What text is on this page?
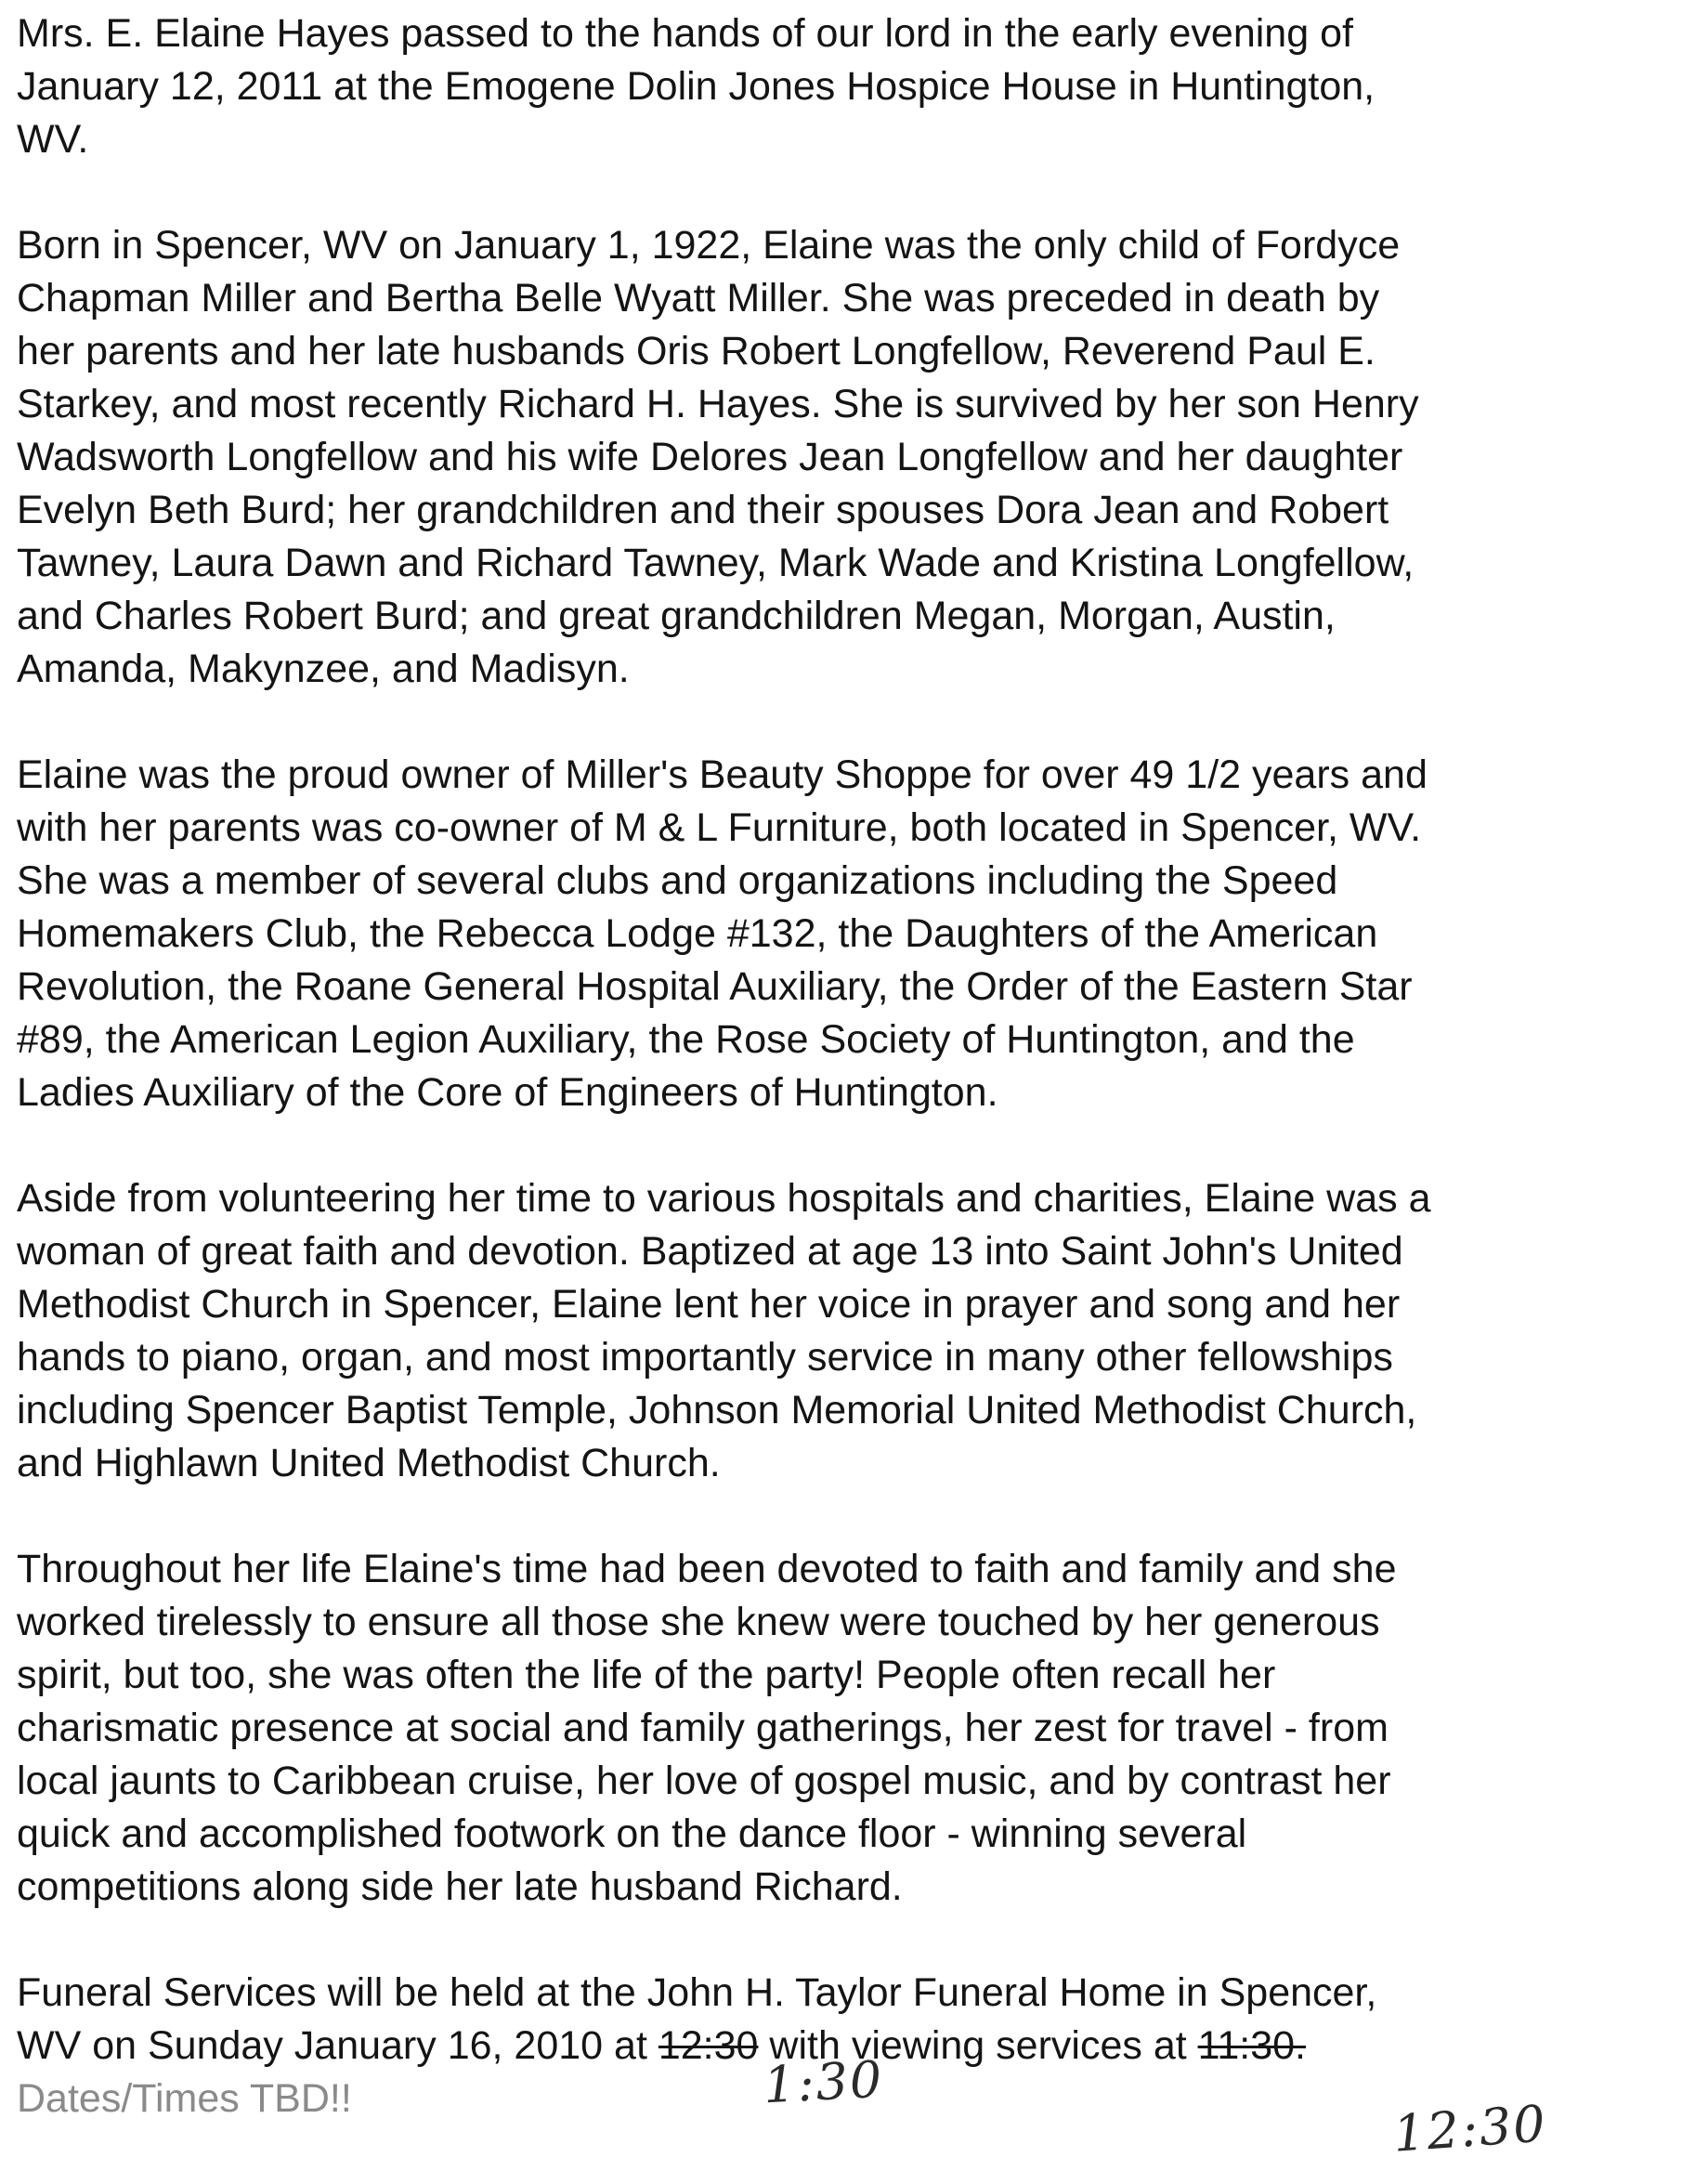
Mrs. E. Elaine Hayes passed to the hands of our lord in the early evening of
January 12, 2011 at the Emogene Dolin Jones Hospice House in Huntington,
WV.

Born in Spencer, WV on January 1, 1922, Elaine was the only child of Fordyce
Chapman Miller and Bertha Belle Wyatt Miller. She was preceded in death by
her parents and her late husbands Oris Robert Longfellow, Reverend Paul E.
Starkey, and most recently Richard H. Hayes. She is survived by her son Henry
Wadsworth Longfellow and his wife Delores Jean Longfellow and her daughter
Evelyn Beth Burd; her grandchildren and their spouses Dora Jean and Robert
Tawney, Laura Dawn and Richard Tawney, Mark Wade and Kristina Longfellow,
and Charles Robert Burd; and great grandchildren Megan, Morgan, Austin,
Amanda, Makynzee, and Madisyn.

Elaine was the proud owner of Miller's Beauty Shoppe for over 49 1/2 years and
with her parents was co-owner of M & L Furniture, both located in Spencer, WV.
She was a member of several clubs and organizations including the Speed
Homemakers Club, the Rebecca Lodge #132, the Daughters of the American
Revolution, the Roane General Hospital Auxiliary, the Order of the Eastern Star
#89, the American Legion Auxiliary, the Rose Society of Huntington, and the
Ladies Auxiliary of the Core of Engineers of Huntington.

Aside from volunteering her time to various hospitals and charities, Elaine was a
woman of great faith and devotion. Baptized at age 13 into Saint John's United
Methodist Church in Spencer, Elaine lent her voice in prayer and song and her
hands to piano, organ, and most importantly service in many other fellowships
including Spencer Baptist Temple, Johnson Memorial United Methodist Church,
and Highlawn United Methodist Church.

Throughout her life Elaine's time had been devoted to faith and family and she
worked tirelessly to ensure all those she knew were touched by her generous
spirit, but too, she was often the life of the party! People often recall her
charismatic presence at social and family gatherings, her zest for travel - from
local jaunts to Caribbean cruise, her love of gospel music, and by contrast her
quick and accomplished footwork on the dance floor - winning several
competitions along side her late husband Richard.

Funeral Services will be held at the John H. Taylor Funeral Home in Spencer,
WV on Sunday January 16, 2010 at 12:30 with viewing services at 11:30.
Dates/Times TBD!!	1:30
12:30
